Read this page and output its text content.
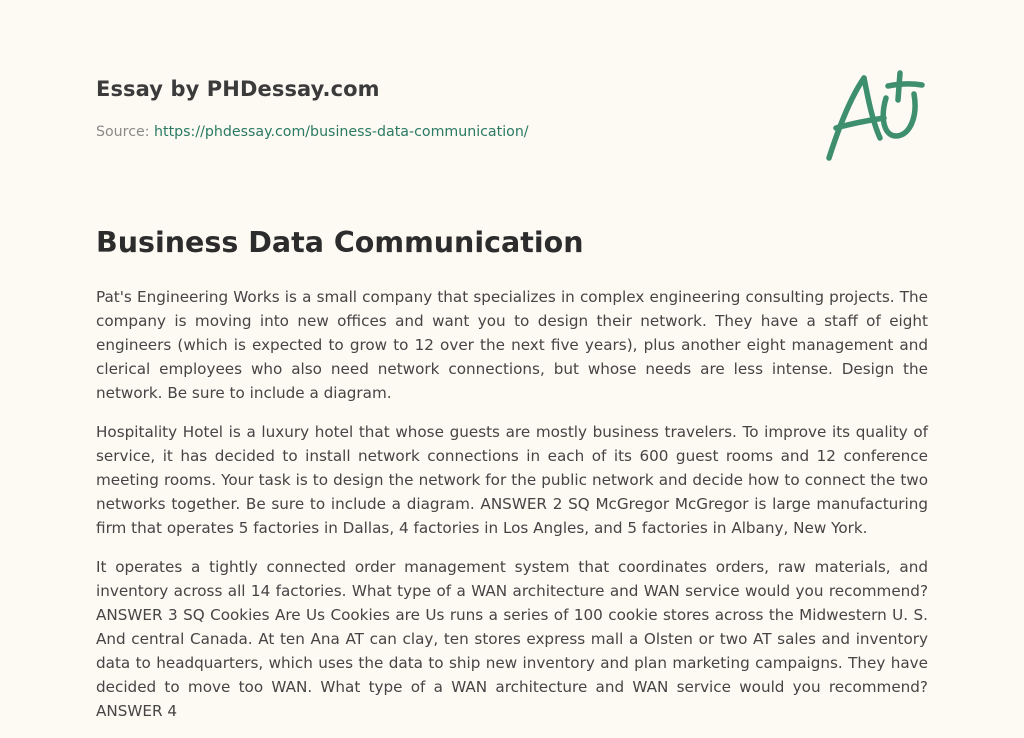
Essay by PHDessay.com
Source: https://phdessay.com/business-data-communication/
Business Data Communication

Pat's Engineering Works is a small company that specializes in complex engineering consulting projects. The company is moving into new offices and want you to design their network. They have a staff of eight engineers (which is expected to grow to 12 over the next five years), plus another eight management and clerical employees who also need network connections, but whose needs are less intense. Design the network. Be sure to include a diagram.

Hospitality Hotel is a luxury hotel that whose guests are mostly business travelers. To improve its quality of service, it has decided to install network connections in each of its 600 guest rooms and 12 conference meeting rooms. Your task is to design the network for the public network and decide how to connect the two networks together. Be sure to include a diagram. ANSWER 2 SQ McGregor McGregor is large manufacturing firm that operates 5 factories in Dallas, 4 factories in Los Angles, and 5 factories in Albany, New York.

It operates a tightly connected order management system that coordinates orders, raw materials, and inventory across all 14 factories. What type of a WAN architecture and WAN service would you recommend? ANSWER 3 SQ Cookies Are Us Cookies are Us runs a series of 100 cookie stores across the Midwestern U. S. And central Canada. At ten Ana AT can clay, ten stores express mall a Olsten or two AT sales and inventory data to headquarters, which uses the data to ship new inventory and plan marketing campaigns. They have decided to move too WAN. What type of a WAN architecture and WAN service would you recommend? ANSWER 4
